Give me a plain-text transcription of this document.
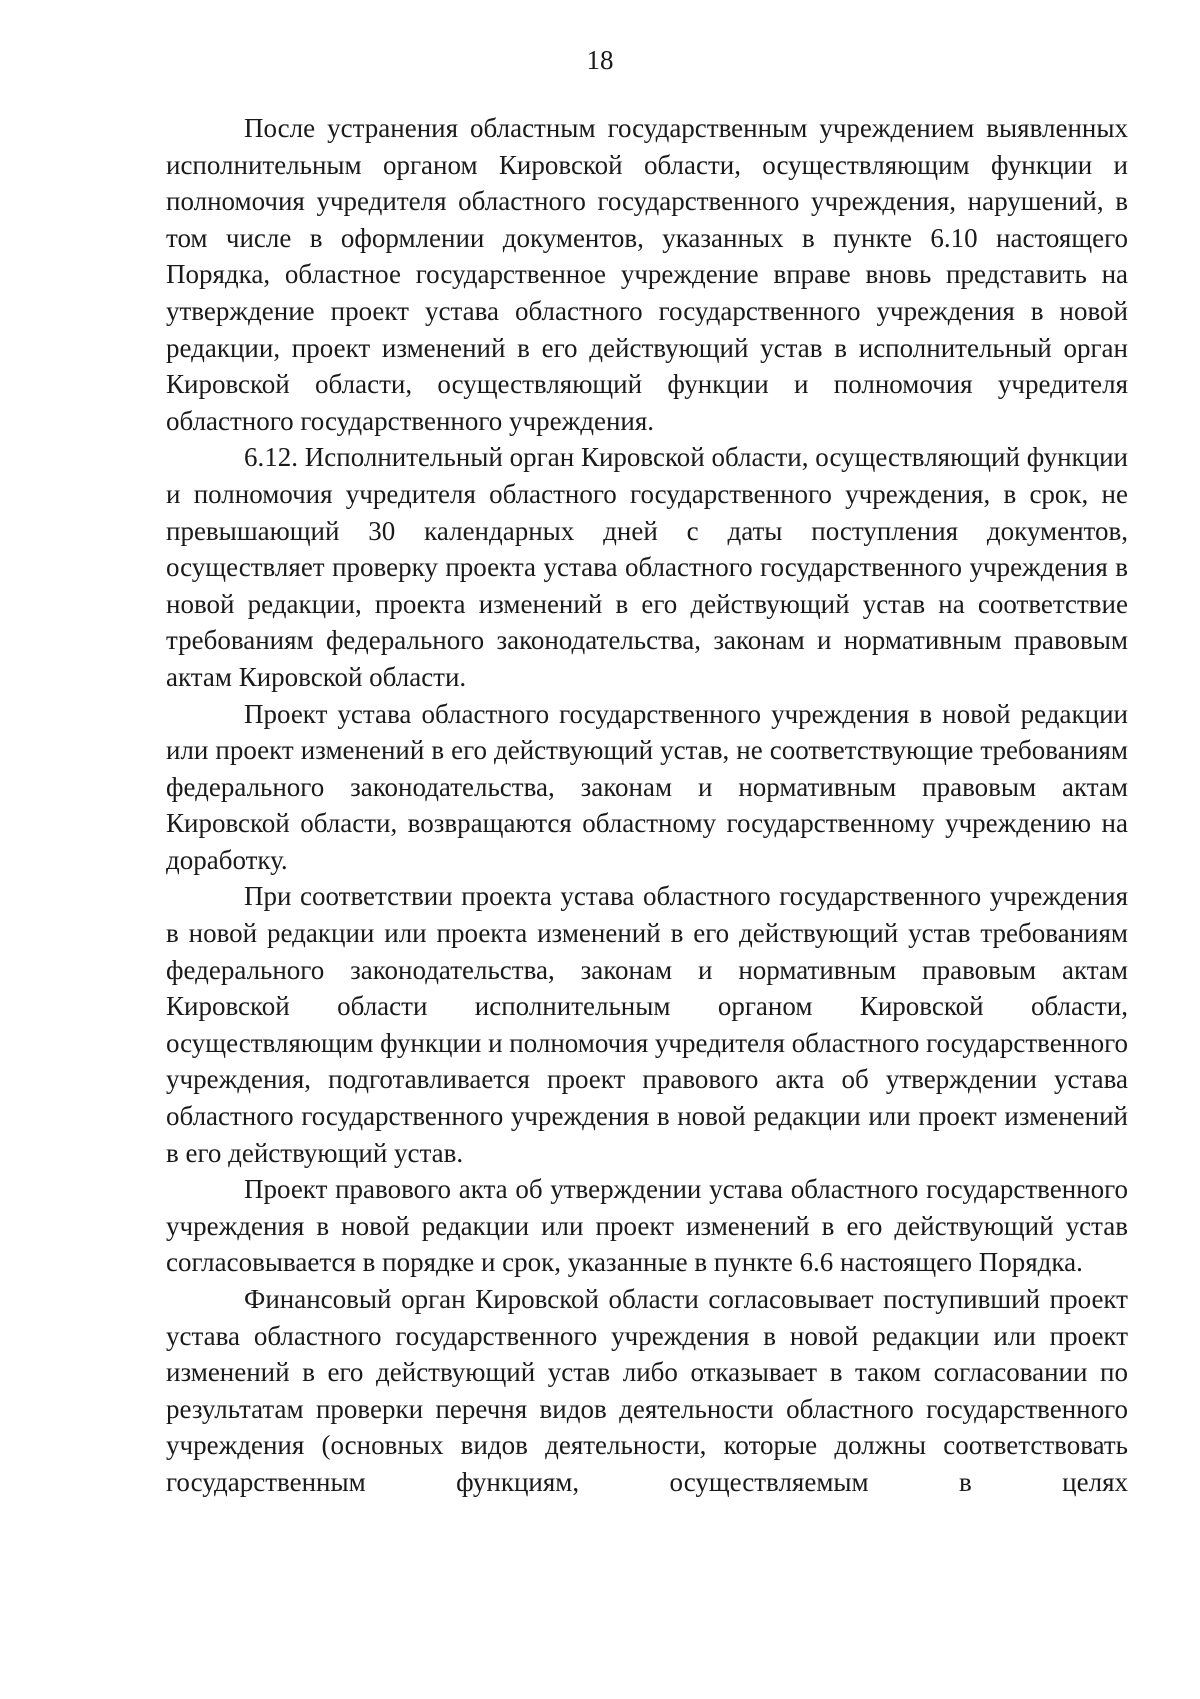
18

После устранения областным государственным учреждением выявленных исполнительным органом Кировской области, осуществляющим функции и полномочия учредителя областного государственного учреждения, нарушений, в том числе в оформлении документов, указанных в пункте 6.10 настоящего Порядка, областное государственное учреждение вправе вновь представить на утверждение проект устава областного государственного учреждения в новой редакции, проект изменений в его действующий устав в исполнительный орган Кировской области, осуществляющий функции и полномочия учредителя областного государственного учреждения.

6.12. Исполнительный орган Кировской области, осуществляющий функции и полномочия учредителя областного государственного учреждения, в срок, не превышающий 30 календарных дней с даты поступления документов, осуществляет проверку проекта устава областного государственного учреждения в новой редакции, проекта изменений в его действующий устав на соответствие требованиям федерального законодательства, законам и нормативным правовым актам Кировской области.

Проект устава областного государственного учреждения в новой редакции или проект изменений в его действующий устав, не соответствующие требованиям федерального законодательства, законам и нормативным правовым актам Кировской области, возвращаются областному государственному учреждению на доработку.

При соответствии проекта устава областного государственного учреждения в новой редакции или проекта изменений в его действующий устав требованиям федерального законодательства, законам и нормативным правовым актам Кировской области исполнительным органом Кировской области, осуществляющим функции и полномочия учредителя областного государственного учреждения, подготавливается проект правового акта об утверждении устава областного государственного учреждения в новой редакции или проект изменений в его действующий устав.

Проект правового акта об утверждении устава областного государственного учреждения в новой редакции или проект изменений в его действующий устав согласовывается в порядке и срок, указанные в пункте 6.6 настоящего Порядка.

Финансовый орган Кировской области согласовывает поступивший проект устава областного государственного учреждения в новой редакции или проект изменений в его действующий устав либо отказывает в таком согласовании по результатам проверки перечня видов деятельности областного государственного учреждения (основных видов деятельности, которые должны соответствовать государственным функциям, осуществляемым в целях
